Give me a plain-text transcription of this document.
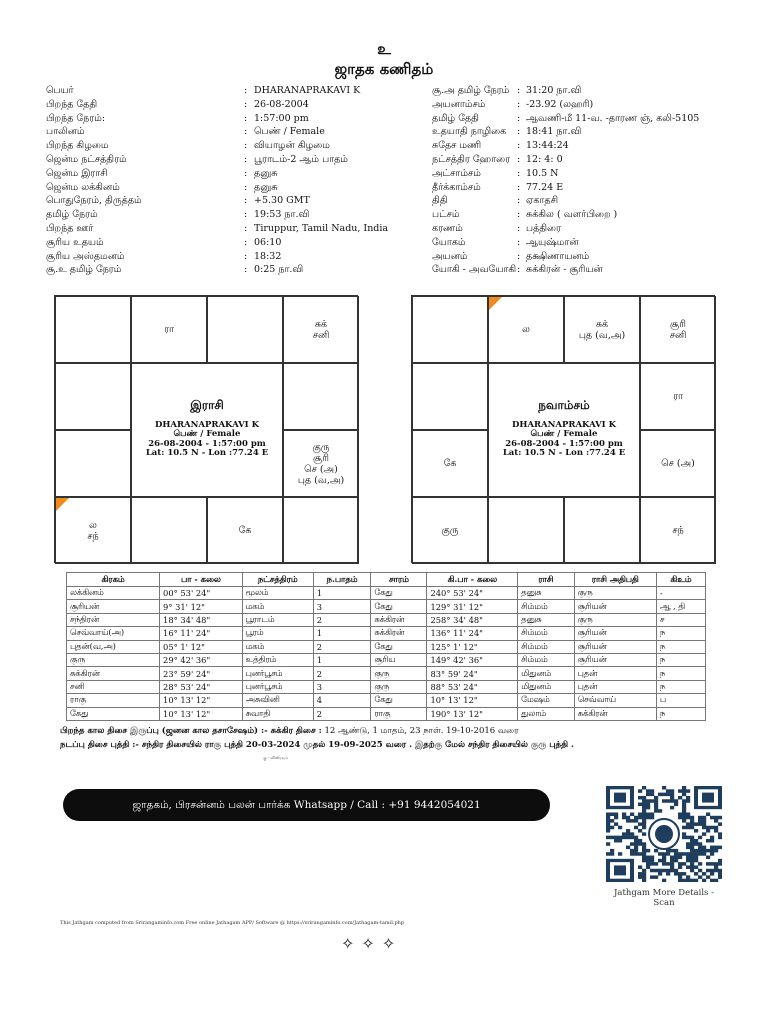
உ
ஜாதக கணிதம்
பெயர்	: DHARANAPRAKAVI K
பிறந்த தேதி	: 26-08-2004
பிறந்த நேரம்:	: 1:57:00 pm
பாலினம்	: பெண் / Female
பிறந்த கிழமை	: வியாழன் கிழமை
ஜென்ம நட்சத்திரம்	: பூராடம்-2 ஆம் பாதம்
ஜென்ம இராசி	: தனுசு
ஜென்ம லக்கினம்	: தனுசு
பொதுநேரம், திருத்தம்	: +5.30 GMT
தமிழ் நேரம்	: 19:53 நா.வி
பிறந்த ஊர்	: Tiruppur, Tamil Nadu, India
சூரிய உதயம்	: 06:10
சூரிய அஸ்தமனம்	: 18:32
சூ.உ தமிழ் நேரம்	: 0:25 நா.வி
சூ.அ தமிழ் நேரம் : 31:20 நா.வி
அயனாம்சம்	: -23.92 (லஹரி)
தமிழ் தேதி	: ஆவணி-மீ 11-வ. -தாரண ஞ், கலி-5105
உதயாதி நாழிகை : 18:41 நா.வி
சுதேச மணி	: 13:44:24
நட்சத்திர ஹோரை : 12: 4: 0
அட்சாம்சம்	: 10.5 N
தீர்க்காம்சம்	: 77.24 E
திதி	: ஏகாதசி
பட்சம்	: சுக்கில ( வளர்பிறை )
கரணம்	: பத்திரை
யோகம்	: ஆயுஷ்மான்
அயனம்	: தக்ஷிணாயனம்
யோகி - அவயோகி : சுக்கிரன் - சூரியன்
ரா	சுக்
சனி
குரு
சூரி
செ (அ)
புத (வ,அ)
ல
சந்	கே
இராசி
DHARANAPRAKAVI K
பெண் / Female
26-08-2004 - 1:57:00 pm
Lat: 10.5 N - Lon :77.24 E
ல	சுக்
புத (வ,அ)
சூரி
சனி
ரா
கே	செ (அ)
குரு	சந்
நவாம்சம்
DHARANAPRAKAVI K
பெண் / Female
26-08-2004 - 1:57:00 pm
Lat: 10.5 N - Lon :77.24 E
கிரகம்	பா - கலை	நட்சத்திரம்	ந.பாதம்	சாரம்	கி.பா - கலை	ராசி	ராசி அதிபதி	கிஉம்
லக்கினம்	00° 53' 24"	மூலம்	1	கேது	240° 53' 24"	தனுசு	குரு	-
சூரியன்	9° 31' 12"	மகம்	3	கேது	129° 31' 12"	சிம்மம்	சூரியன்	ஆ , தி
சந்திரன்	18° 34' 48"	பூராடம்	2	சுக்கிரன்	258° 34' 48"	தனுசு	குரு	ச
செவ்வாய்(அ)	16° 11' 24"	பூரம்	1	சுக்கிரன்	136° 11' 24"	சிம்மம்	சூரியன்	ந
புதன்(வ,அ)	05° 1' 12"	மகம்	2	கேது	125° 1' 12"	சிம்மம்	சூரியன்	ந
குரு	29° 42' 36"	உத்திரம்	1	சூரிய	149° 42' 36"	சிம்மம்	சூரியன்	ந
சுக்கிரன்	23° 59' 24"	புனர்பூசம்	2	குரு	83° 59' 24"	மிதுனம்	புதன்	ந
சனி	28° 53' 24"	புனர்பூசம்	3	குரு	88° 53' 24"	மிதுனம்	புதன்	ந
ராகு	10° 13' 12"	அசுவினி	4	கேது	10° 13' 12"	மேஷம்	செவ்வாய்	ப
கேது	10° 13' 12"	சுவாதி	2	ராகு	190° 13' 12"	துலாம்	சுக்கிரன்	ந
பிறந்த கால திசை இருப்பு (ஜனன கால தசாசேஷம்) :- சுக்கிர திசை : 12 ஆண்டு, 1 மாதம், 23 நாள். 19-10-2016 வரை
நடப்பு திசை புத்தி :- சந்திர திசையில் ராகு புத்தி 20-03-2024 முதல் 19-09-2025 வரை . இதற்கு மேல் சந்திர திசையில் குரு புத்தி .
கு - விஸ்ரவம்
ஜாதகம், பிரசன்னம் பலன் பார்க்க Whatsapp / Call : +91 9442054021
Jathgam More Details - Scan
This Jathgam computed from Srirangaminfo.com Free online Jathagam APP/ Software @ https://srirangaminfo.com/Jathagam-tamil.php
✧✧✧
